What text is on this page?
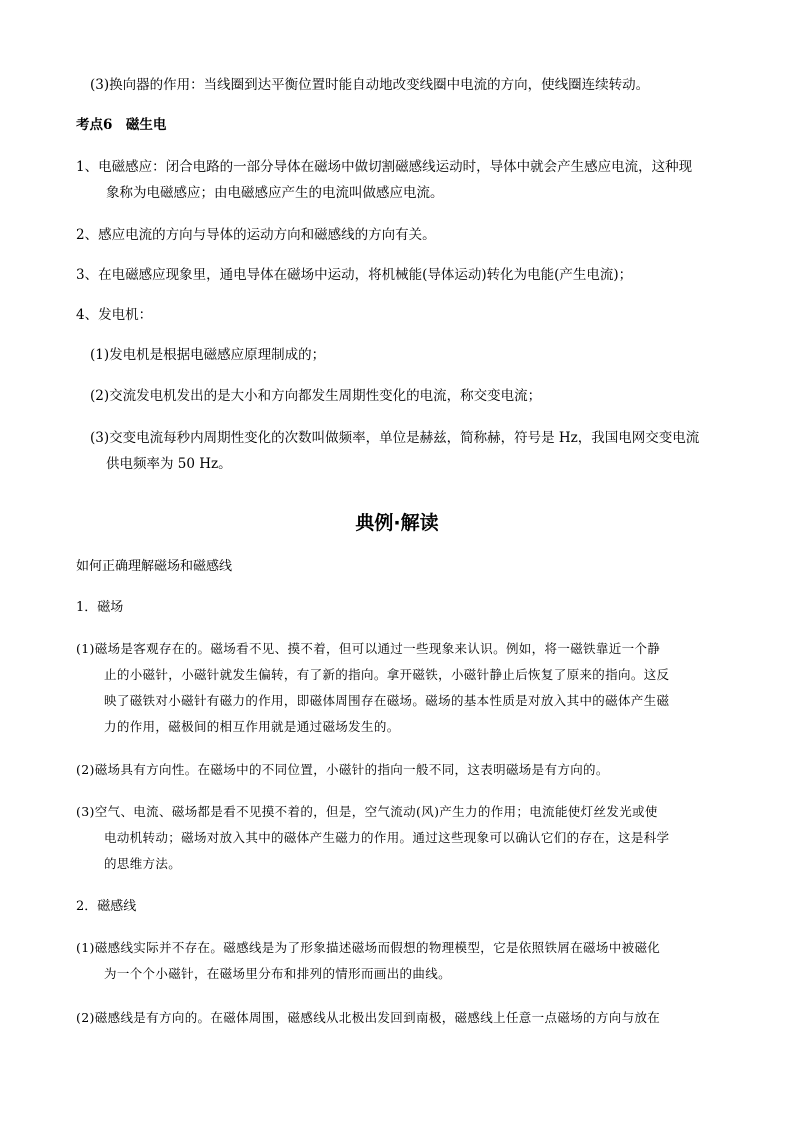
(3)换向器的作用：当线圈到达平衡位置时能自动地改变线圈中电流的方向，使线圈连续转动。
考点6　磁生电
1、电磁感应：闭合电路的一部分导体在磁场中做切割磁感线运动时，导体中就会产生感应电流，这种现
象称为电磁感应；由电磁感应产生的电流叫做感应电流。
2、感应电流的方向与导体的运动方向和磁感线的方向有关。
3、在电磁感应现象里，通电导体在磁场中运动，将机械能(导体运动)转化为电能(产生电流)；
4、发电机：
(1)发电机是根据电磁感应原理制成的；
(2)交流发电机发出的是大小和方向都发生周期性变化的电流，称交变电流；
(3)交变电流每秒内周期性变化的次数叫做频率，单位是赫兹，简称赫，符号是 Hz，我国电网交变电流
供电频率为 50 Hz。
典例·解读
如何正确理解磁场和磁感线
1．磁场
(1)磁场是客观存在的。磁场看不见、摸不着，但可以通过一些现象来认识。例如，将一磁铁靠近一个静
止的小磁针，小磁针就发生偏转，有了新的指向。拿开磁铁，小磁针静止后恢复了原来的指向。这反
映了磁铁对小磁针有磁力的作用，即磁体周围存在磁场。磁场的基本性质是对放入其中的磁体产生磁
力的作用，磁极间的相互作用就是通过磁场发生的。
(2)磁场具有方向性。在磁场中的不同位置，小磁针的指向一般不同，这表明磁场是有方向的。
(3)空气、电流、磁场都是看不见摸不着的，但是，空气流动(风)产生力的作用；电流能使灯丝发光或使
电动机转动；磁场对放入其中的磁体产生磁力的作用。通过这些现象可以确认它们的存在，这是科学
的思维方法。
2．磁感线
(1)磁感线实际并不存在。磁感线是为了形象描述磁场而假想的物理模型，它是依照铁屑在磁场中被磁化
为一个个小磁针，在磁场里分布和排列的情形而画出的曲线。
(2)磁感线是有方向的。在磁体周围，磁感线从北极出发回到南极，磁感线上任意一点磁场的方向与放在
